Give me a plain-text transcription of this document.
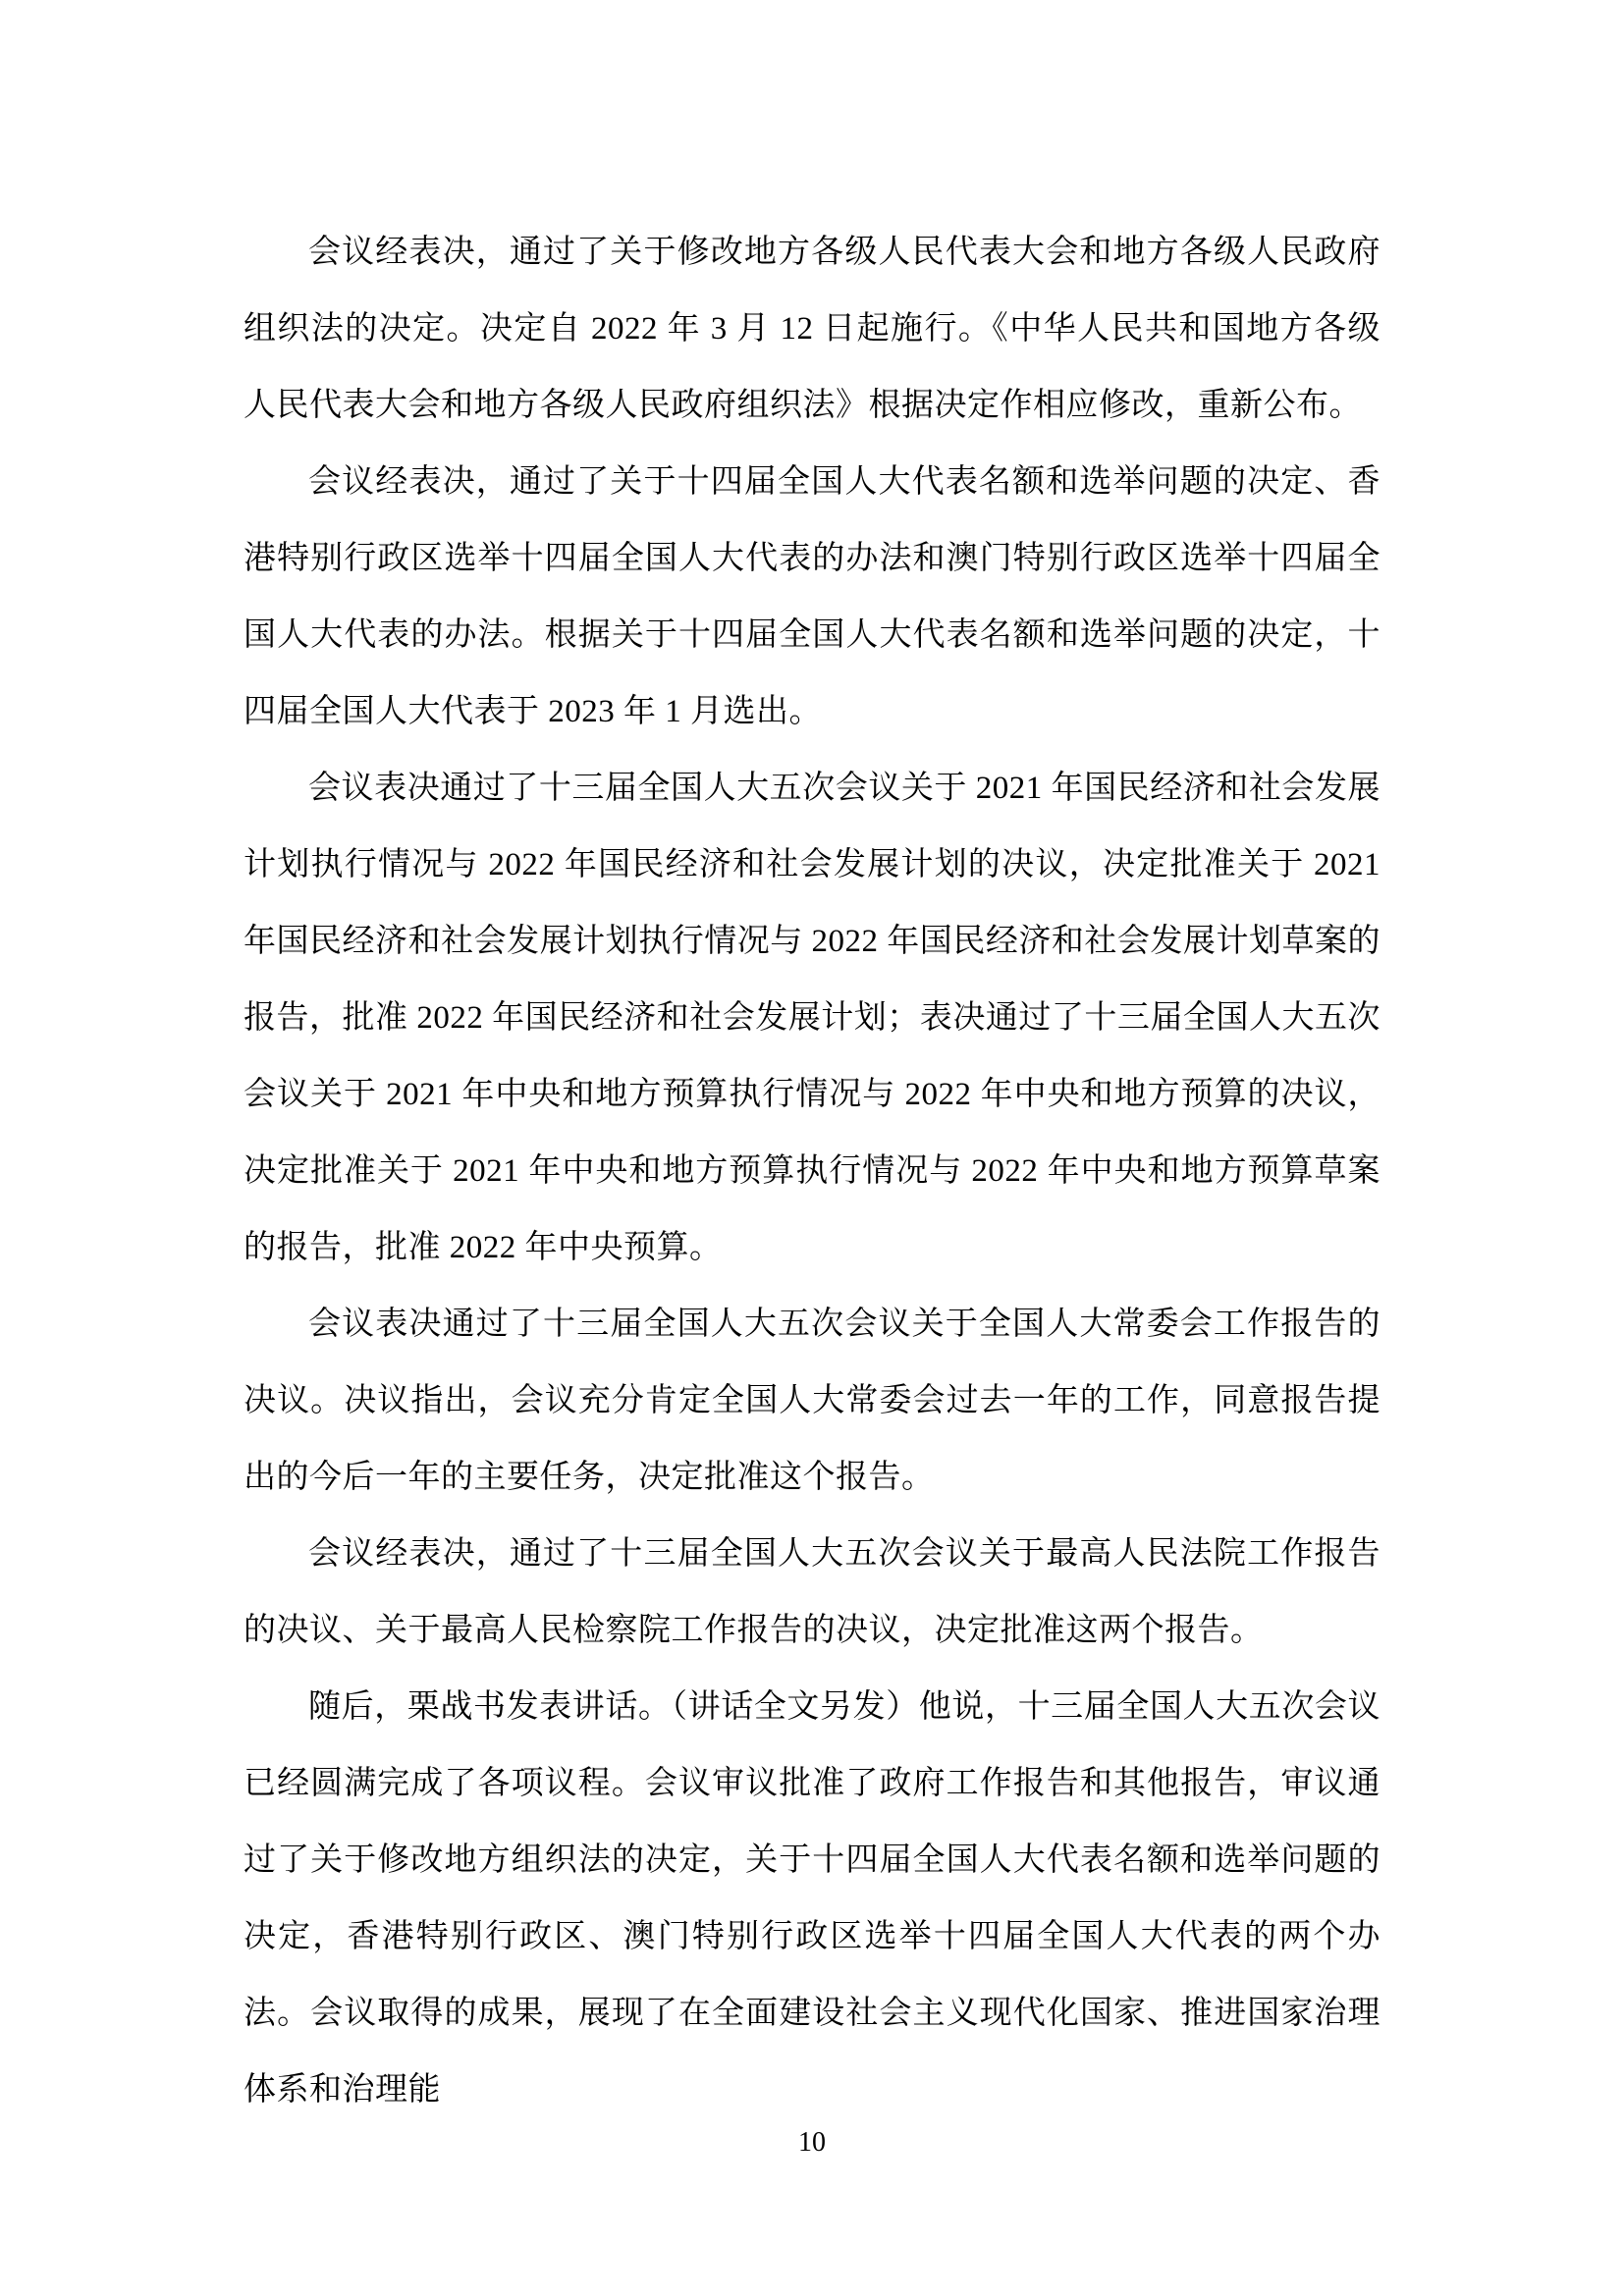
会议经表决，通过了关于修改地方各级人民代表大会和地方各级人民政府组织法的决定。决定自 2022 年 3 月 12 日起施行。《中华人民共和国地方各级人民代表大会和地方各级人民政府组织法》根据决定作相应修改，重新公布。

会议经表决，通过了关于十四届全国人大代表名额和选举问题的决定、香港特别行政区选举十四届全国人大代表的办法和澳门特别行政区选举十四届全国人大代表的办法。根据关于十四届全国人大代表名额和选举问题的决定，十四届全国人大代表于 2023 年 1 月选出。

会议表决通过了十三届全国人大五次会议关于 2021 年国民经济和社会发展计划执行情况与 2022 年国民经济和社会发展计划的决议，决定批准关于 2021 年国民经济和社会发展计划执行情况与 2022 年国民经济和社会发展计划草案的报告，批准 2022 年国民经济和社会发展计划；表决通过了十三届全国人大五次会议关于 2021 年中央和地方预算执行情况与 2022 年中央和地方预算的决议，决定批准关于 2021 年中央和地方预算执行情况与 2022 年中央和地方预算草案的报告，批准 2022 年中央预算。

会议表决通过了十三届全国人大五次会议关于全国人大常委会工作报告的决议。决议指出，会议充分肯定全国人大常委会过去一年的工作，同意报告提出的今后一年的主要任务，决定批准这个报告。

会议经表决，通过了十三届全国人大五次会议关于最高人民法院工作报告的决议、关于最高人民检察院工作报告的决议，决定批准这两个报告。

随后，栗战书发表讲话。（讲话全文另发）他说，十三届全国人大五次会议已经圆满完成了各项议程。会议审议批准了政府工作报告和其他报告，审议通过了关于修改地方组织法的决定，关于十四届全国人大代表名额和选举问题的决定，香港特别行政区、澳门特别行政区选举十四届全国人大代表的两个办法。会议取得的成果，展现了在全面建设社会主义现代化国家、推进国家治理体系和治理能

10
